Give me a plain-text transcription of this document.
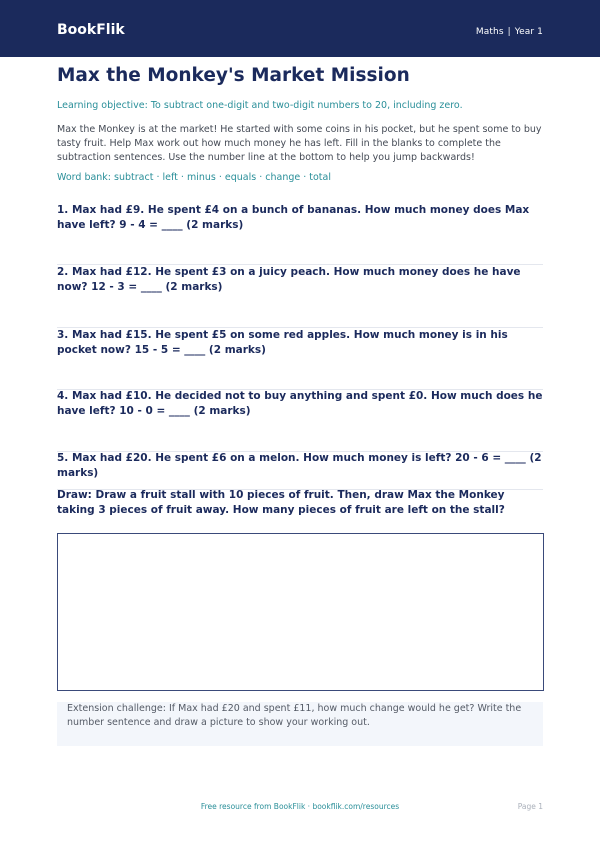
BookFlik	Maths | Year 1
Max the Monkey's Market Mission
Learning objective: To subtract one-digit and two-digit numbers to 20, including zero.
Max the Monkey is at the market! He started with some coins in his pocket, but he spent some to buy tasty fruit. Help Max work out how much money he has left. Fill in the blanks to complete the subtraction sentences. Use the number line at the bottom to help you jump backwards!
Word bank: subtract · left · minus · equals · change · total
1. Max had £9. He spent £4 on a bunch of bananas. How much money does Max have left? 9 - 4 = ____ (2 marks)
2. Max had £12. He spent £3 on a juicy peach. How much money does he have now? 12 - 3 = ____ (2 marks)
3. Max had £15. He spent £5 on some red apples. How much money is in his pocket now? 15 - 5 = ____ (2 marks)
4. Max had £10. He decided not to buy anything and spent £0. How much does he have left? 10 - 0 = ____ (2 marks)
5. Max had £20. He spent £6 on a melon. How much money is left? 20 - 6 = ____ (2 marks)
Draw: Draw a fruit stall with 10 pieces of fruit. Then, draw Max the Monkey taking 3 pieces of fruit away. How many pieces of fruit are left on the stall?
Extension challenge: If Max had £20 and spent £11, how much change would he get? Write the number sentence and draw a picture to show your working out.
Free resource from BookFlik · bookflik.com/resources	Page 1
